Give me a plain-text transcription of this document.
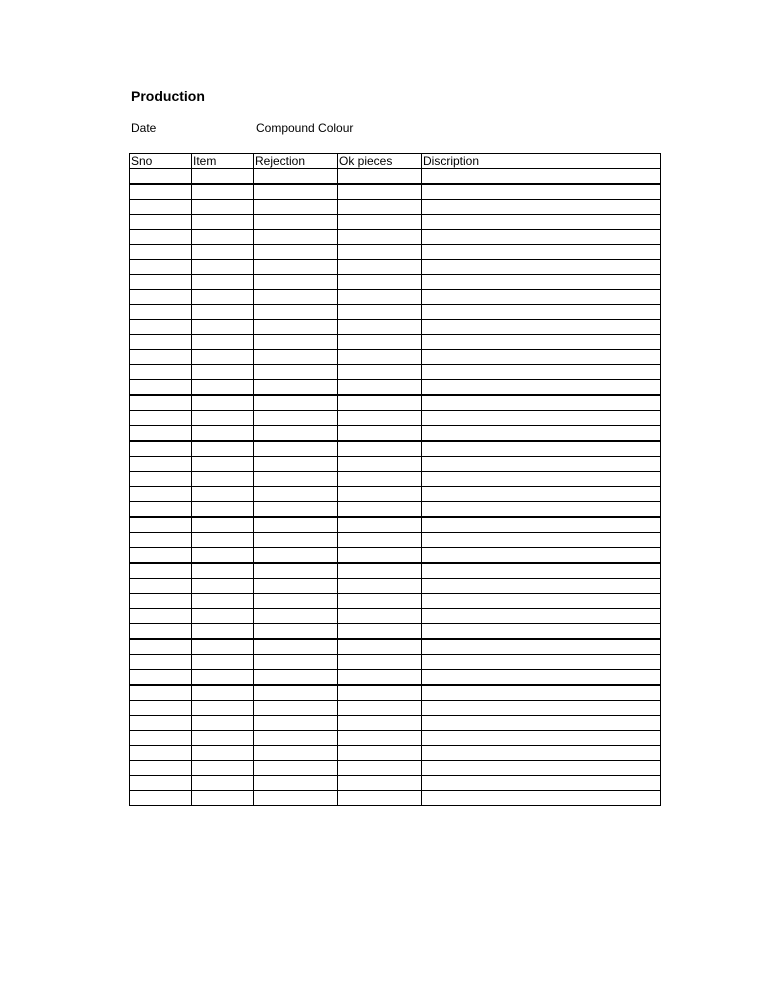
Production
Date	Compound Colour
Sno	Item	Rejection	Ok pieces	Discription
